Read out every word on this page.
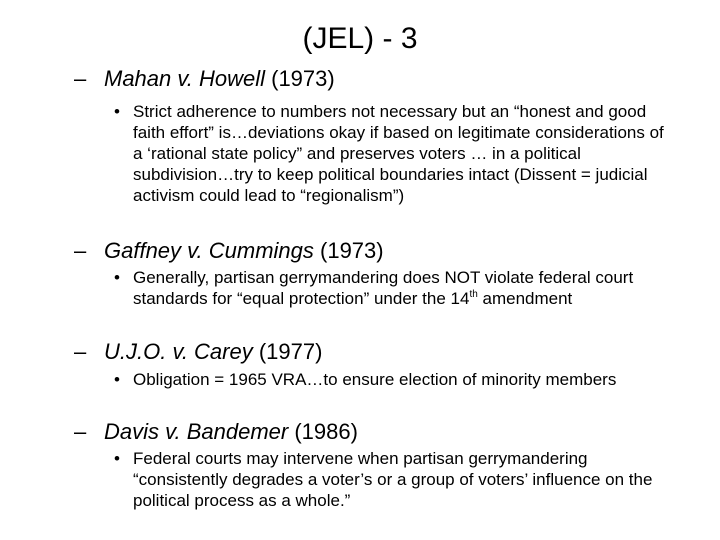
(JEL) - 3
– Mahan v. Howell (1973)
• Strict adherence to numbers not necessary but an “honest and good faith effort” is…deviations okay if based on legitimate considerations of a ‘rational state policy” and preserves voters … in a political subdivision…try to keep political boundaries intact (Dissent = judicial activism could lead to “regionalism”)
– Gaffney v. Cummings (1973)
• Generally, partisan gerrymandering does NOT violate federal court standards for “equal protection” under the 14th amendment
– U.J.O. v. Carey (1977)
• Obligation = 1965 VRA…to ensure election of minority members
– Davis v. Bandemer (1986)
• Federal courts may intervene when partisan gerrymandering “consistently degrades a voter’s or a group of voters’ influence on the political process as a whole.”
